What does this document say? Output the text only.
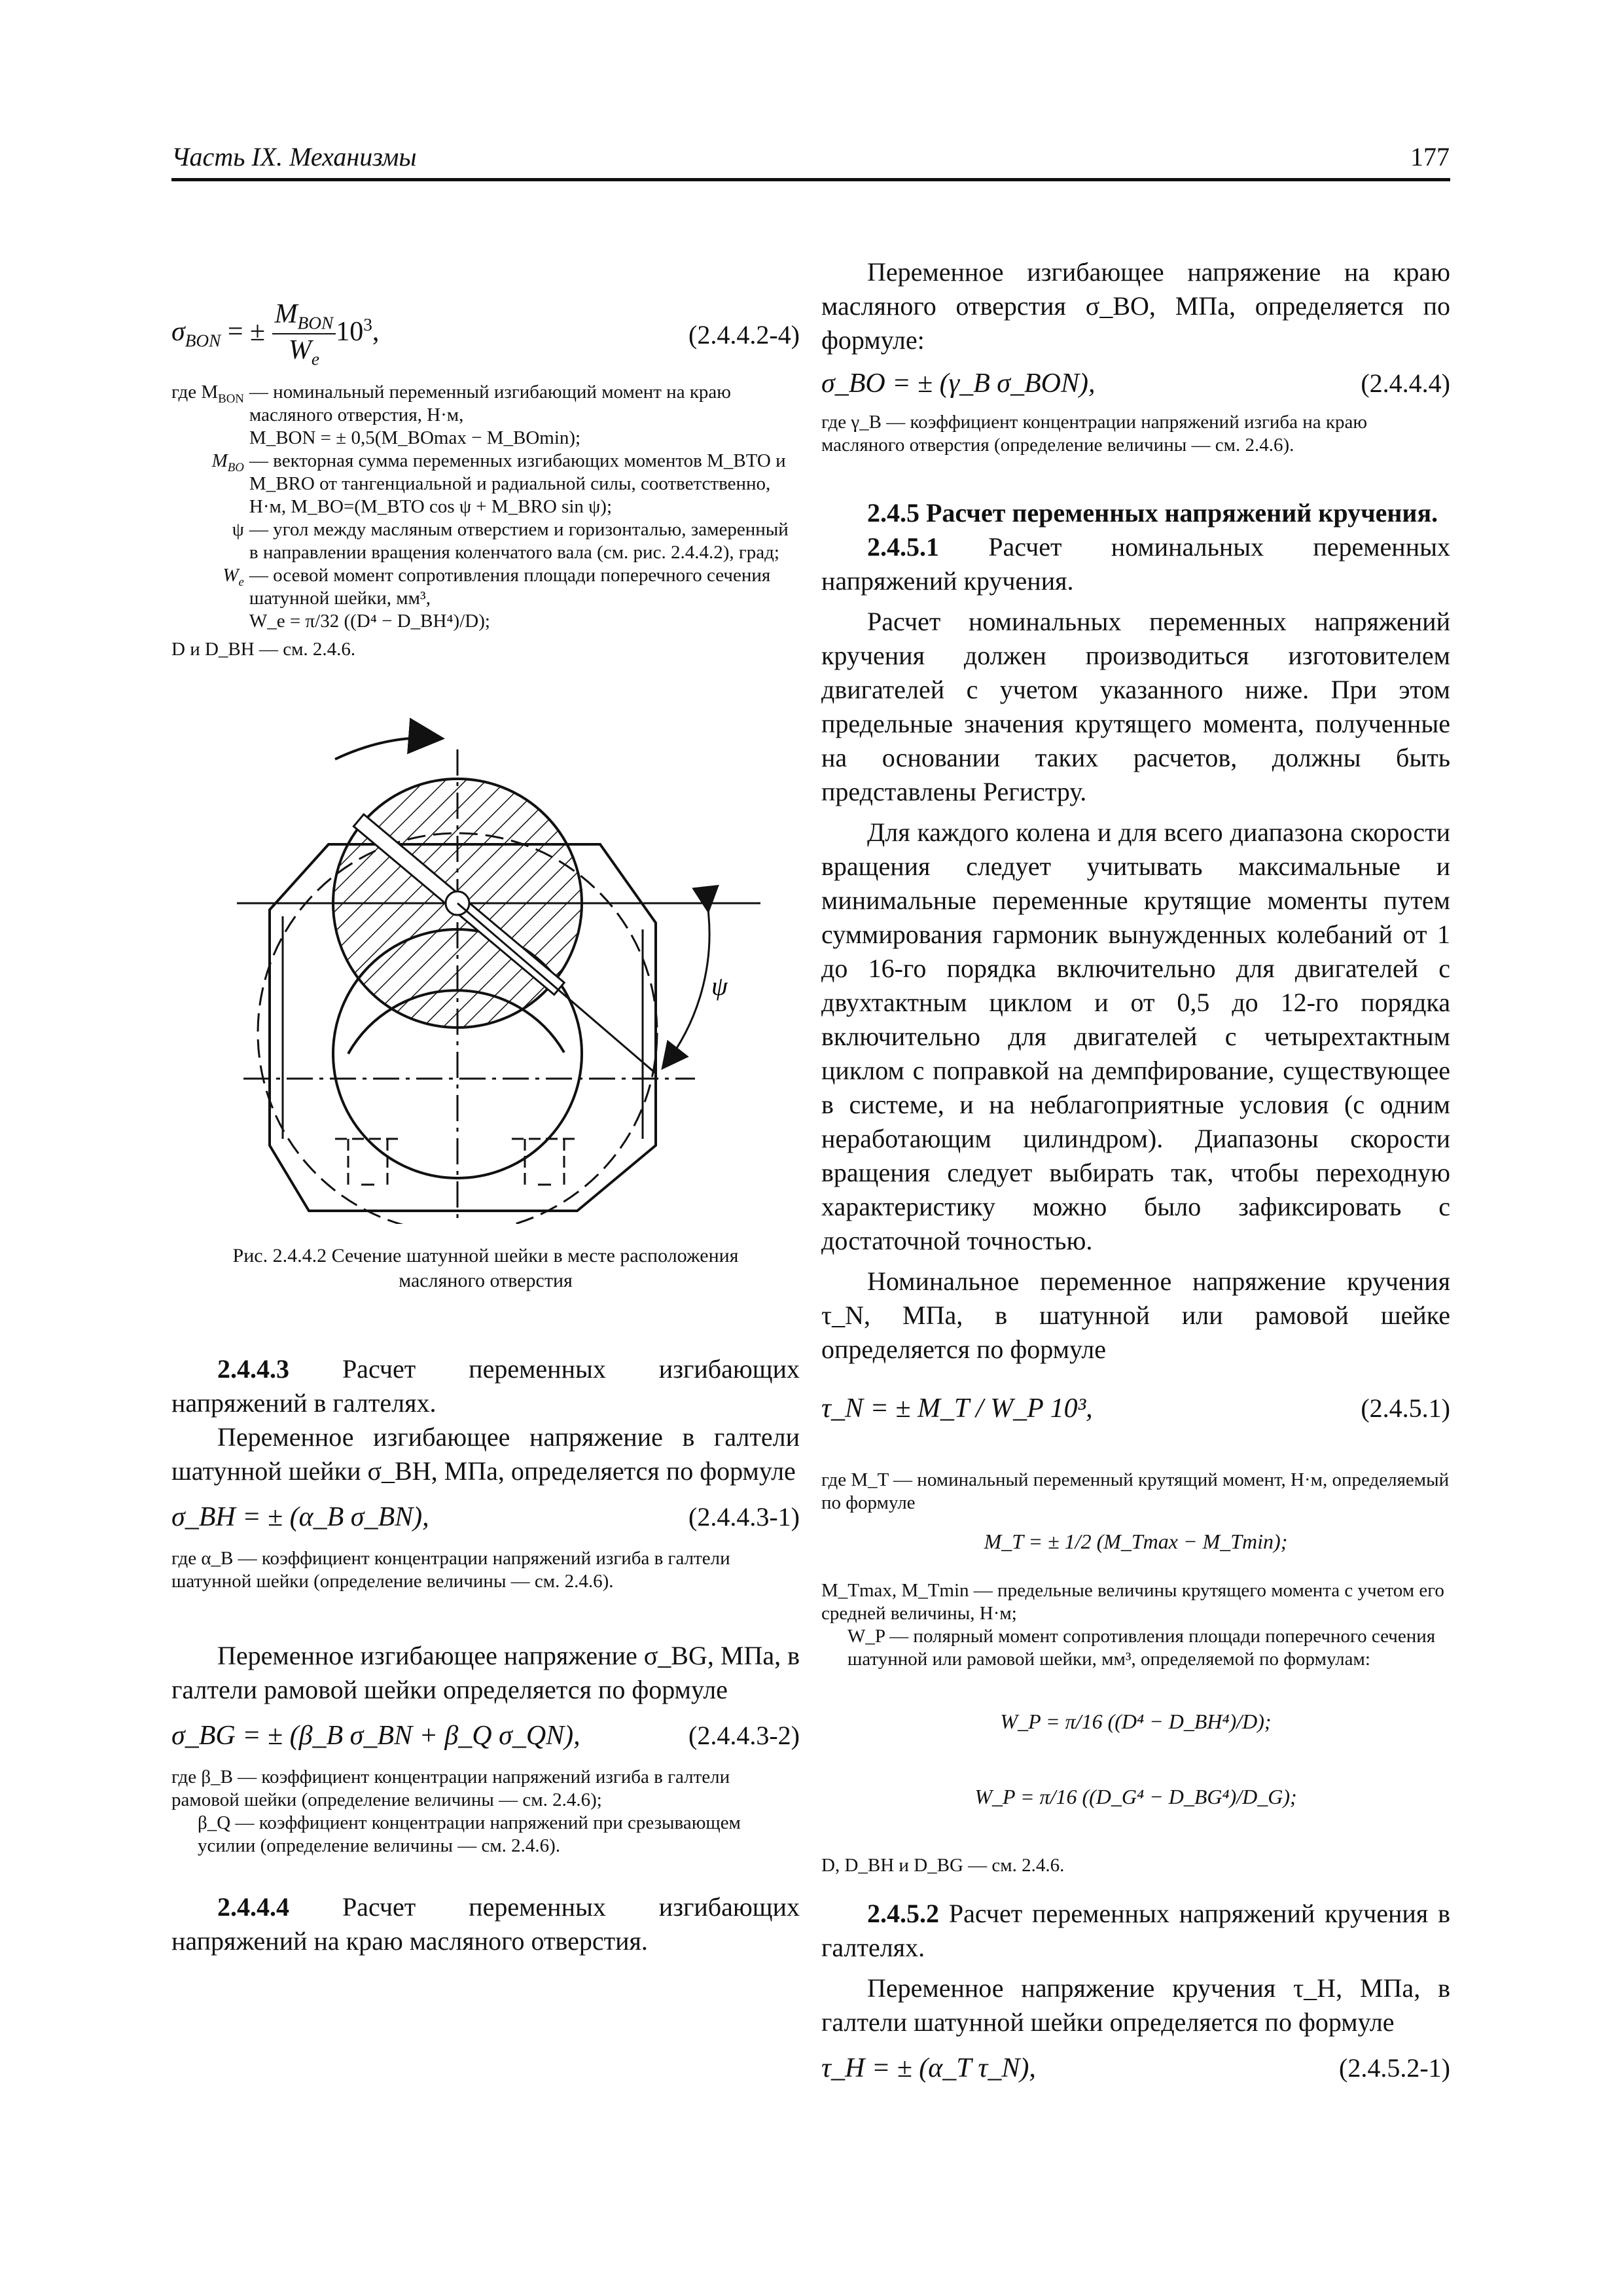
Часть IX. Механизмы	177
$\sigma_{BON}$ = ± $\frac{M_{BON}}{W_e} 10^3$,	(2.4.4.2-4)
где $M_{BON}$ — номинальный переменный изгибающий момент на краю масляного отверстия, Н·м,
M_BON = ± 0,5(M_BOmax − M_BOmin);
$M_{BO}$ — векторная сумма переменных изгибающих моментов M_BTO и M_BRO от тангенциальной и радиальной силы, соответственно, Н·м, M_BO=(M_BTO cos ψ + M_BRO sin ψ);
ψ — угол между масляным отверстием и горизонталью, замеренный в направлении вращения коленчатого вала (см. рис. 2.4.4.2), град;
$W_e$ — осевой момент сопротивления площади поперечного сечения шатунной шейки, мм³,
W_e = π/32 ((D⁴ − D_BH⁴)/D);
D и D_BH — см. 2.4.6.
ψ
Рис. 2.4.4.2 Сечение шатунной шейки в месте расположения масляного отверстия
2.4.4.3 Расчет переменных изгибающих напряжений в галтелях.
Переменное изгибающее напряжение в галтели шатунной шейки σ_BH, МПа, определяется по формуле
σ_BH = ± (α_B σ_BN),	(2.4.4.3-1)
где α_B — коэффициент концентрации напряжений изгиба в галтели шатунной шейки (определение величины — см. 2.4.6).
Переменное изгибающее напряжение σ_BG, МПа, в галтели рамовой шейки определяется по формуле
σ_BG = ± (β_B σ_BN + β_Q σ_QN),	(2.4.4.3-2)
где β_B — коэффициент концентрации напряжений изгиба в галтели рамовой шейки (определение величины — см. 2.4.6);
β_Q — коэффициент концентрации напряжений при срезывающем усилии (определение величины — см. 2.4.6).
2.4.4.4 Расчет переменных изгибающих напряжений на краю масляного отверстия.
Переменное изгибающее напряжение на краю масляного отверстия σ_BO, МПа, определяется по формуле:
σ_BO = ± (γ_B σ_BON),	(2.4.4.4)
где γ_B — коэффициент концентрации напряжений изгиба на краю масляного отверстия (определение величины — см. 2.4.6).
2.4.5 Расчет переменных напряжений кручения.
2.4.5.1 Расчет номинальных переменных напряжений кручения.
Расчет номинальных переменных напряжений кручения должен производиться изготовителем двигателей с учетом указанного ниже. При этом предельные значения крутящего момента, полученные на основании таких расчетов, должны быть представлены Регистру.
Для каждого колена и для всего диапазона скорости вращения следует учитывать максимальные и минимальные переменные крутящие моменты путем суммирования гармоник вынужденных колебаний от 1 до 16-го порядка включительно для двигателей с двухтактным циклом и от 0,5 до 12-го порядка включительно для двигателей с четырехтактным циклом с поправкой на демпфирование, существующее в системе, и на неблагоприятные условия (с одним неработающим цилиндром). Диапазоны скорости вращения следует выбирать так, чтобы переходную характеристику можно было зафиксировать с достаточной точностью.
Номинальное переменное напряжение кручения τ_N, МПа, в шатунной или рамовой шейке определяется по формуле
τ_N = ± M_T / W_P 10³,	(2.4.5.1)
где M_T — номинальный переменный крутящий момент, Н·м, определяемый по формуле
M_T = ± 1/2 (M_Tmax − M_Tmin);
M_Tmax, M_Tmin — предельные величины крутящего момента с учетом его средней величины, Н·м;
W_P — полярный момент сопротивления площади поперечного сечения шатунной или рамовой шейки, мм³, определяемой по формулам:
W_P = π/16 ((D⁴ − D_BH⁴)/D);
W_P = π/16 ((D_G⁴ − D_BG⁴)/D_G);
D, D_BH и D_BG — см. 2.4.6.
2.4.5.2 Расчет переменных напряжений кручения в галтелях.
Переменное напряжение кручения τ_H, МПа, в галтели шатунной шейки определяется по формуле
τ_H = ± (α_T τ_N),	(2.4.5.2-1)
